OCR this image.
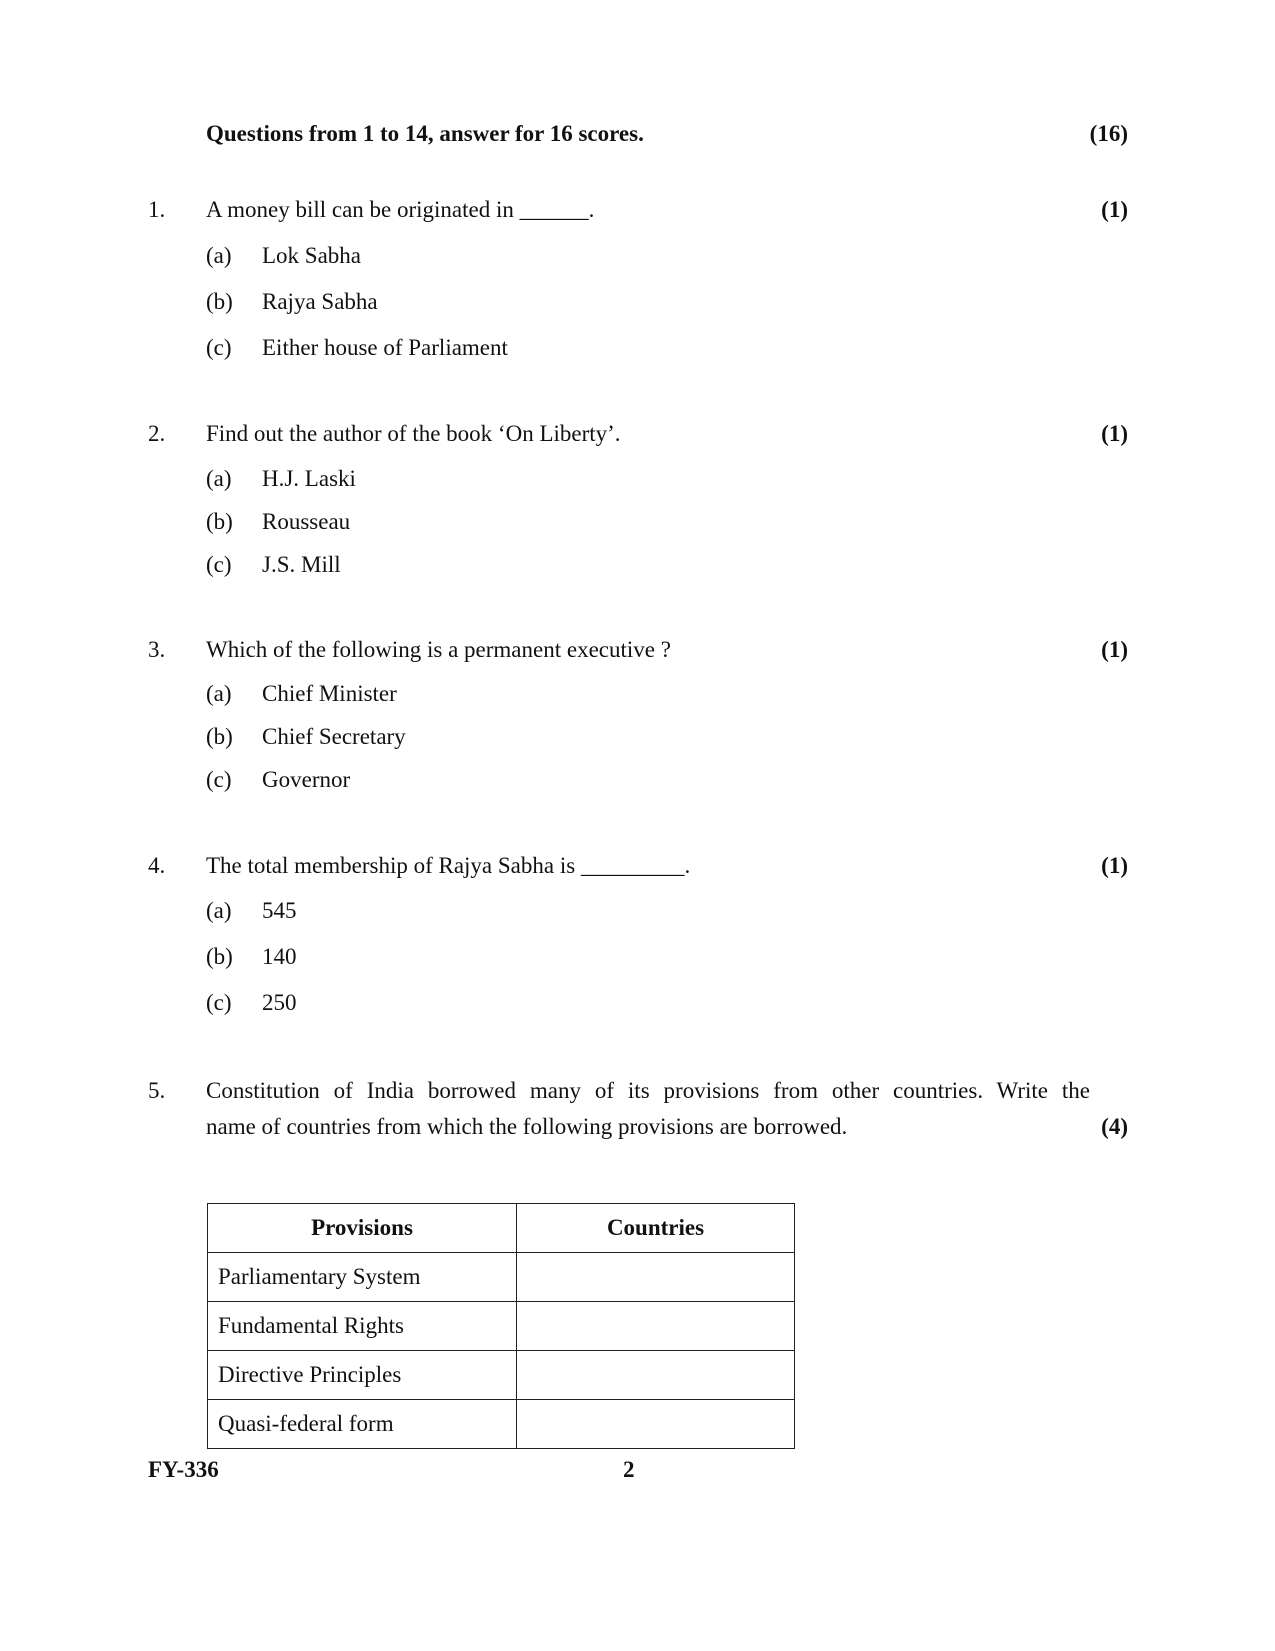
Questions from 1 to 14, answer for 16 scores.	(16)
1. A money bill can be originated in ______.	(1)
(a) Lok Sabha
(b) Rajya Sabha
(c) Either house of Parliament
2. Find out the author of the book ‘On Liberty’.	(1)
(a) H.J. Laski
(b) Rousseau
(c) J.S. Mill
3. Which of the following is a permanent executive ?	(1)
(a) Chief Minister
(b) Chief Secretary
(c) Governor
4. The total membership of Rajya Sabha is _________.	(1)
(a) 545
(b) 140
(c) 250
5. Constitution of India borrowed many of its provisions from other countries. Write the
name of countries from which the following provisions are borrowed.	(4)
Provisions	Countries
Parliamentary System	
Fundamental Rights	
Directive Principles	
Quasi-federal form	
FY-336	2
